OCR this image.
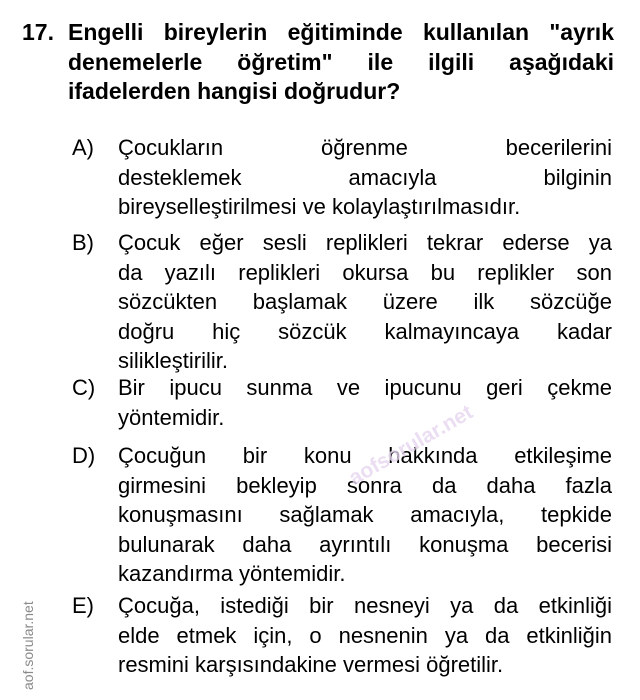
17. Engelli bireylerin eğitiminde kullanılan "ayrık
denemelerle öğretim" ile ilgili aşağıdaki
ifadelerden hangisi doğrudur?
A) Çocukların öğrenme becerilerini
desteklemek amacıyla bilginin
bireyselleştirilmesi ve kolaylaştırılmasıdır.
B) Çocuk eğer sesli replikleri tekrar ederse ya
da yazılı replikleri okursa bu replikler son
sözcükten başlamak üzere ilk sözcüğe
doğru hiç sözcük kalmayıncaya kadar
silikleştirilir.
C) Bir ipucu sunma ve ipucunu geri çekme
yöntemidir.
D) Çocuğun bir konu hakkında etkileşime
girmesini bekleyip sonra da daha fazla
konuşmasını sağlamak amacıyla, tepkide
bulunarak daha ayrıntılı konuşma becerisi
kazandırma yöntemidir.
E) Çocuğa, istediği bir nesneyi ya da etkinliği
elde etmek için, o nesnenin ya da etkinliğin
resmini karşısındakine vermesi öğretilir.
aofsorular.net
aof.sorular.net
